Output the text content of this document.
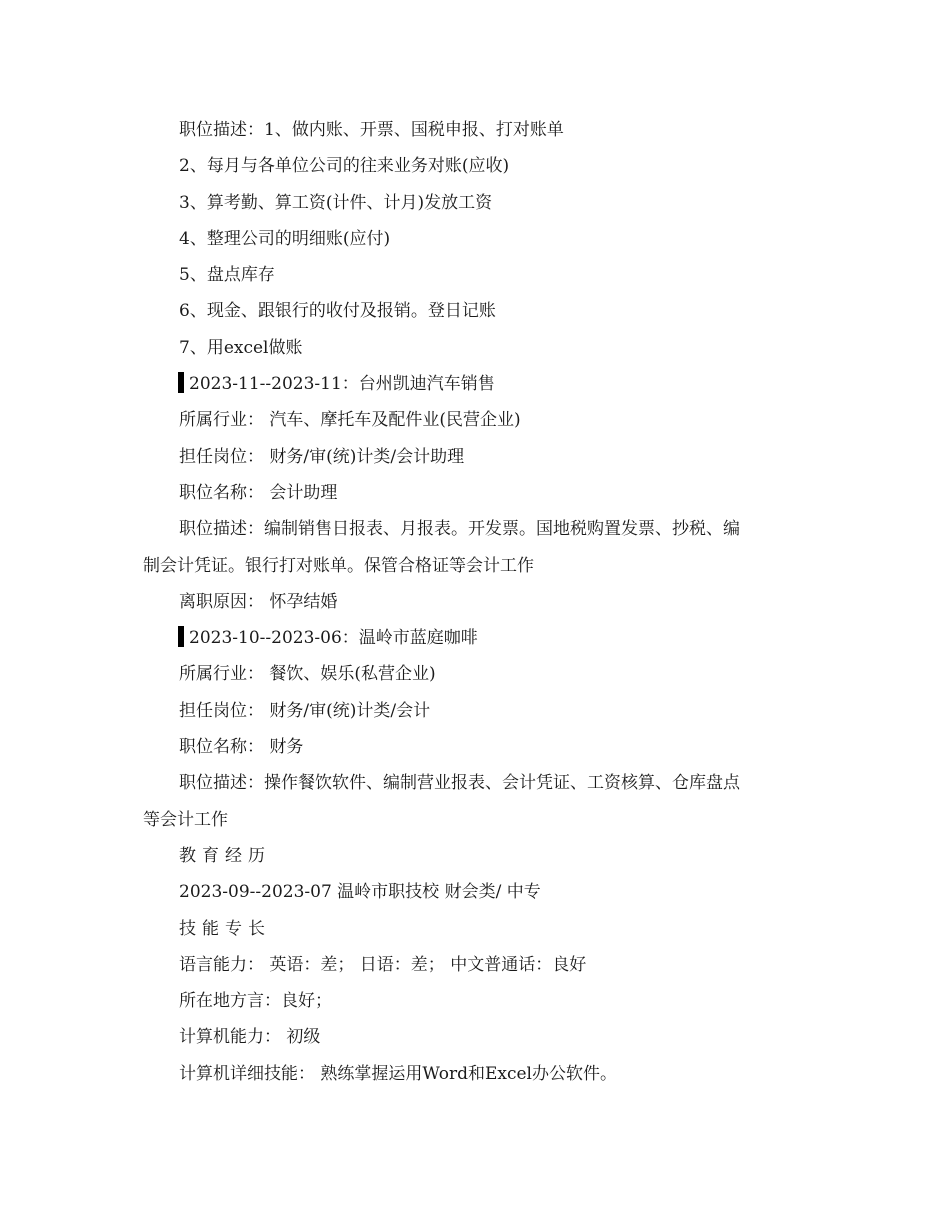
职位描述：1、做内账、开票、国税申报、打对账单
2、每月与各单位公司的往来业务对账(应收)
3、算考勤、算工资(计件、计月)发放工资
4、整理公司的明细账(应付)
5、盘点库存
6、现金、跟银行的收付及报销。登日记账
7、用excel做账
2023-11--2023-11：台州凯迪汽车销售
所属行业： 汽车、摩托车及配件业(民营企业)
担任岗位： 财务/审(统)计类/会计助理
职位名称： 会计助理
职位描述：编制销售日报表、月报表。开发票。国地税购置发票、抄税、编
制会计凭证。银行打对账单。保管合格证等会计工作
离职原因： 怀孕结婚
2023-10--2023-06：温岭市蓝庭咖啡
所属行业： 餐饮、娱乐(私营企业)
担任岗位： 财务/审(统)计类/会计
职位名称： 财务
职位描述：操作餐饮软件、编制营业报表、会计凭证、工资核算、仓库盘点
等会计工作
教育经历
2023-09--2023-07 温岭市职技校 财会类/ 中专
技能专长
语言能力： 英语：差； 日语：差； 中文普通话：良好
所在地方言：良好；
计算机能力： 初级
计算机详细技能： 熟练掌握运用Word和Excel办公软件。
